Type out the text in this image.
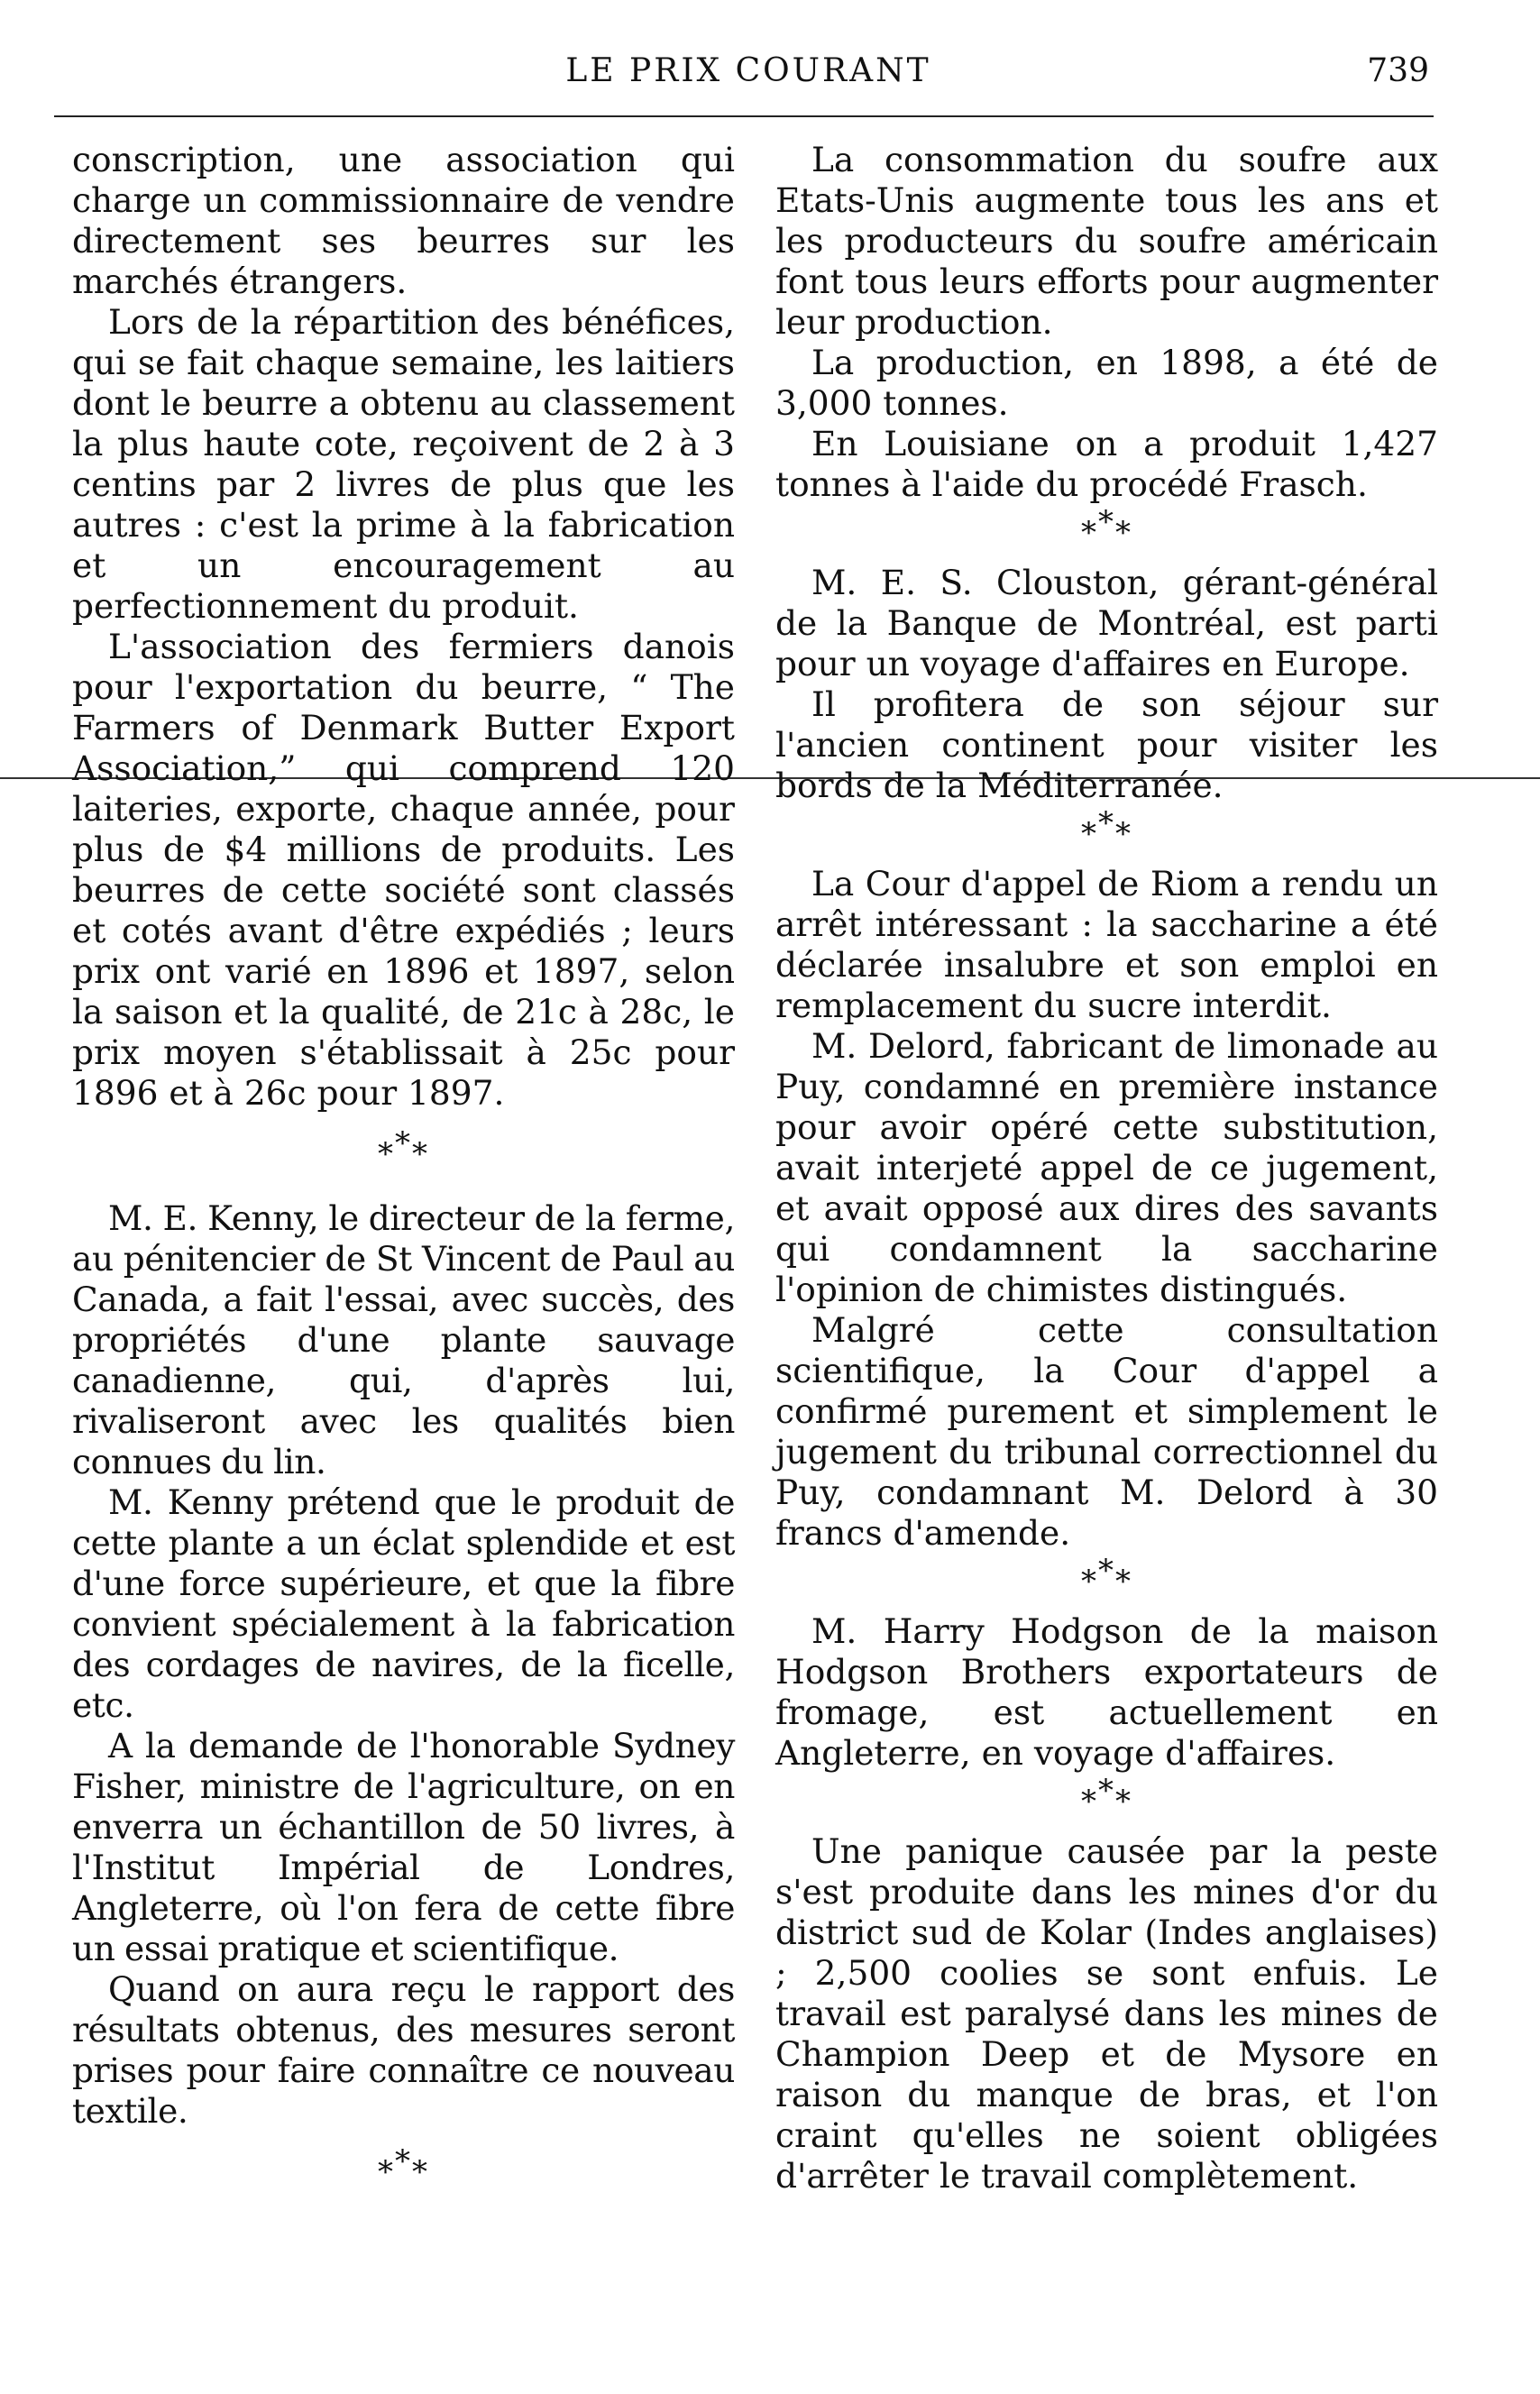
LE PRIX COURANT	739

conscription, une association qui charge un commissionnaire de vendre directement ses beurres sur les marchés étrangers.

Lors de la répartition des bénéfices, qui se fait chaque semaine, les laitiers dont le beurre a obtenu au classement la plus haute cote, reçoivent de 2 à 3 centins par 2 livres de plus que les autres : c'est la prime à la fabrication et un encouragement au perfectionnement du produit.

L'association des fermiers danois pour l'exportation du beurre, “ The Farmers of Denmark Butter Export Association,” qui comprend 120 laiteries, exporte, chaque année, pour plus de $4 millions de produits. Les beurres de cette société sont classés et cotés avant d'être expédiés ; leurs prix ont varié en 1896 et 1897, selon la saison et la qualité, de 21c à 28c, le prix moyen s'établissait à 25c pour 1896 et à 26c pour 1897.

***

M. E. Kenny, le directeur de la ferme, au pénitencier de St Vincent de Paul au Canada, a fait l'essai, avec succès, des propriétés d'une plante sauvage canadienne, qui, d'après lui, rivaliseront avec les qualités bien connues du lin.

M. Kenny prétend que le produit de cette plante a un éclat splendide et est d'une force supérieure, et que la fibre convient spécialement à la fabrication des cordages de navires, de la ficelle, etc.

A la demande de l'honorable Sydney Fisher, ministre de l'agriculture, on en enverra un échantillon de 50 livres, à l'Institut Impérial de Londres, Angleterre, où l'on fera de cette fibre un essai pratique et scientifique.

Quand on aura reçu le rapport des résultats obtenus, des mesures seront prises pour faire connaître ce nouveau textile.

***

La consommation du soufre aux Etats-Unis augmente tous les ans et les producteurs du soufre américain font tous leurs efforts pour augmenter leur production.

La production, en 1898, a été de 3,000 tonnes.

En Louisiane on a produit 1,427 tonnes à l'aide du procédé Frasch.

***

M. E. S. Clouston, gérant-général de la Banque de Montréal, est parti pour un voyage d'affaires en Europe.

Il profitera de son séjour sur l'ancien continent pour visiter les bords de la Méditerranée.

***

La Cour d'appel de Riom a rendu un arrêt intéressant : la saccharine a été déclarée insalubre et son emploi en remplacement du sucre interdit.

M. Delord, fabricant de limonade au Puy, condamné en première instance pour avoir opéré cette substitution, avait interjeté appel de ce jugement, et avait opposé aux dires des savants qui condamnent la saccharine l'opinion de chimistes distingués.

Malgré cette consultation scientifique, la Cour d'appel a confirmé purement et simplement le jugement du tribunal correctionnel du Puy, condamnant M. Delord à 30 francs d'amende.

***

M. Harry Hodgson de la maison Hodgson Brothers exportateurs de fromage, est actuellement en Angleterre, en voyage d'affaires.

***

Une panique causée par la peste s'est produite dans les mines d'or du district sud de Kolar (Indes anglaises) ; 2,500 coolies se sont enfuis. Le travail est paralysé dans les mines de Champion Deep et de Mysore en raison du manque de bras, et l'on craint qu'elles ne soient obligées d'arrêter le travail complètement.
